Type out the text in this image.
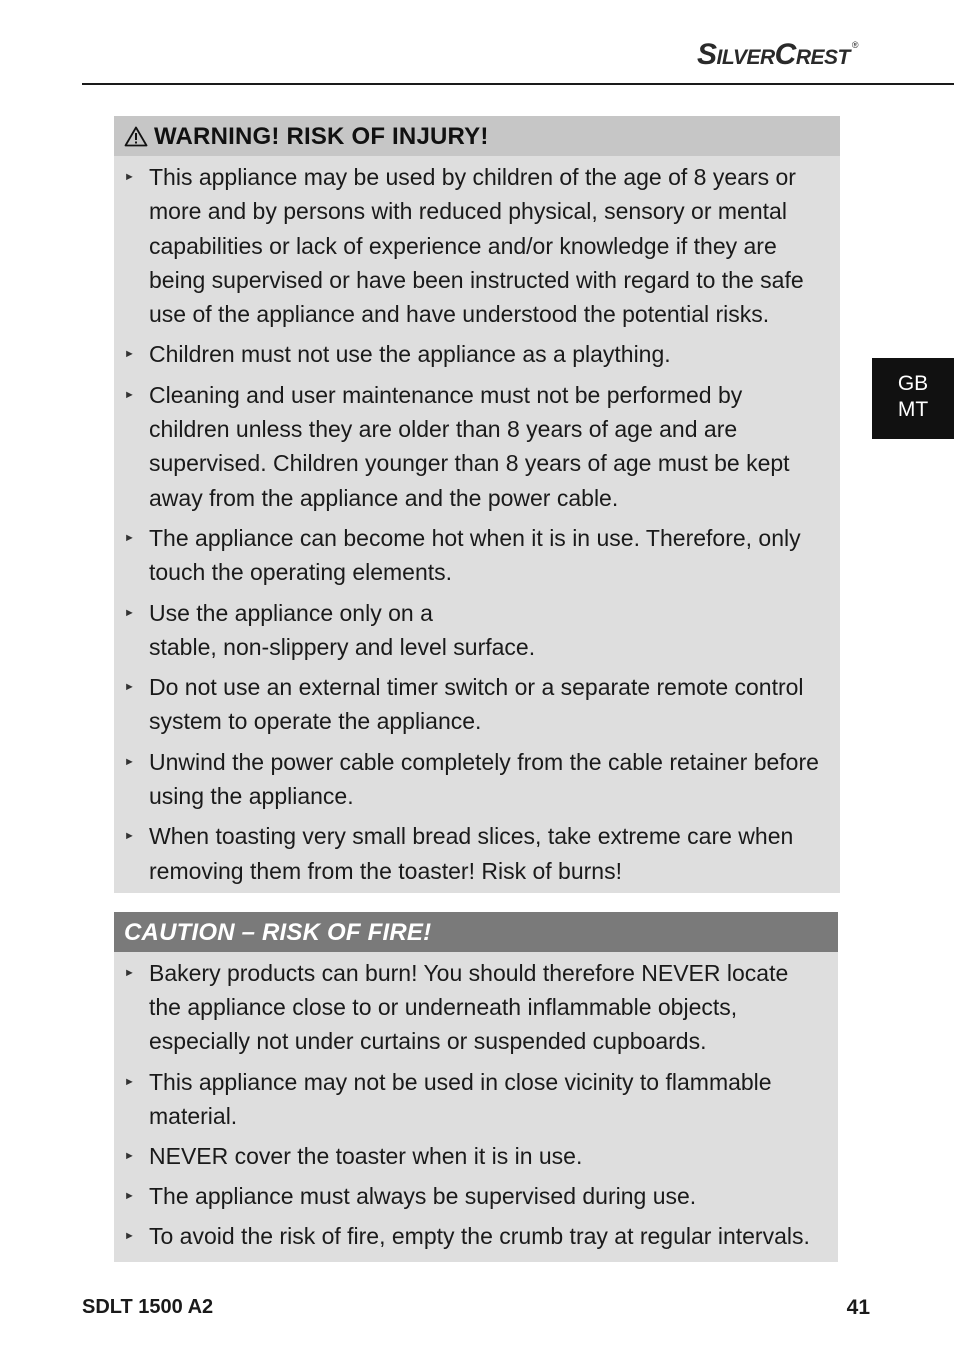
SilverCrest ®
GB
MT
WARNING! RISK OF INJURY!
► This appliance may be used by children of the age of 8 years or more and by persons with reduced physical, sensory or mental capabilities or lack of experience and/or knowledge if they are being supervised or have been instructed with regard to the safe use of the appliance and have understood the potential risks.
► Children must not use the appliance as a plaything.
► Cleaning and user maintenance must not be performed by children unless they are older than 8 years of age and are supervised. Children younger than 8 years of age must be kept away from the appliance and the power cable.
► The appliance can become hot when it is in use. Therefore, only touch the operating elements.
► Use the appliance only on a
stable, non-slippery and level surface.
► Do not use an external timer switch or a separate remote control system to operate the appliance.
► Unwind the power cable completely from the cable retainer before using the appliance.
► When toasting very small bread slices, take extreme care when removing them from the toaster! Risk of burns!
CAUTION – RISK OF FIRE!
► Bakery products can burn! You should therefore NEVER locate the appliance close to or underneath inflammable objects, especially not under curtains or suspended cupboards.
► This appliance may not be used in close vicinity to flammable material.
► NEVER cover the toaster when it is in use.
► The appliance must always be supervised during use.
► To avoid the risk of fire, empty the crumb tray at regular intervals.
SDLT 1500 A2	41
